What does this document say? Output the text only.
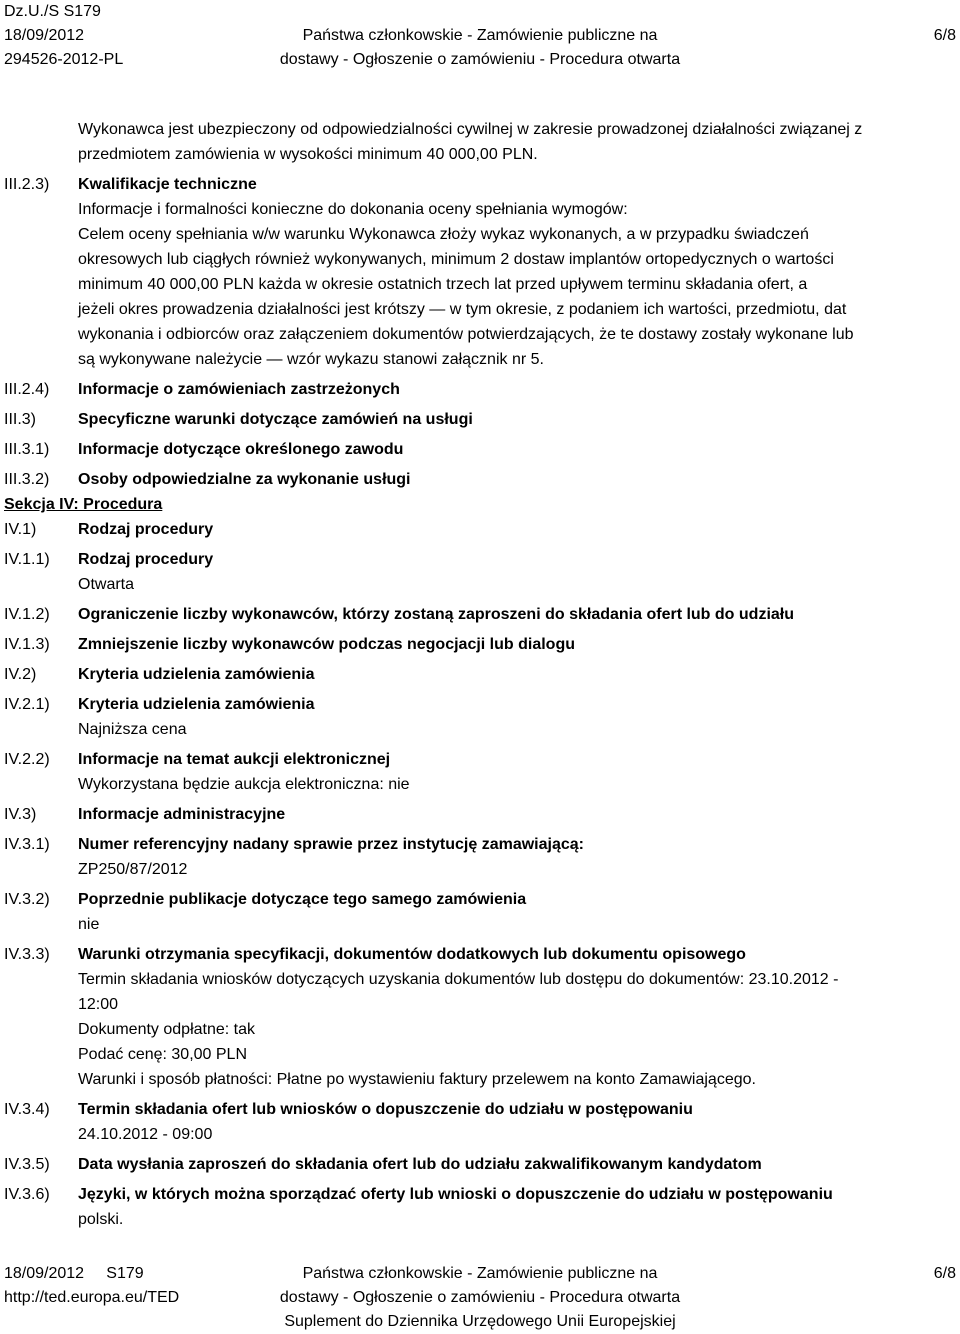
Dz.U./S S179
18/09/2012
294526-2012-PL
Państwa członkowskie - Zamówienie publiczne na
dostawy - Ogłoszenie o zamówieniu - Procedura otwarta
6/8
Wykonawca jest ubezpieczony od odpowiedzialności cywilnej w zakresie prowadzonej działalności związanej z
przedmiotem zamówienia w wysokości minimum 40 000,00 PLN.
III.2.3)	Kwalifikacje techniczne
Informacje i formalności konieczne do dokonania oceny spełniania wymogów:
Celem oceny spełniania w/w warunku Wykonawca złoży wykaz wykonanych, a w przypadku świadczeń
okresowych lub ciągłych również wykonywanych, minimum 2 dostaw implantów ortopedycznych o wartości
minimum 40 000,00 PLN każda w okresie ostatnich trzech lat przed upływem terminu składania ofert, a
jeżeli okres prowadzenia działalności jest krótszy — w tym okresie, z podaniem ich wartości, przedmiotu, dat
wykonania i odbiorców oraz załączeniem dokumentów potwierdzających, że te dostawy zostały wykonane lub
są wykonywane należycie — wzór wykazu stanowi załącznik nr 5.
III.2.4)	Informacje o zamówieniach zastrzeżonych
III.3)	Specyficzne warunki dotyczące zamówień na usługi
III.3.1)	Informacje dotyczące określonego zawodu
III.3.2)	Osoby odpowiedzialne za wykonanie usługi
Sekcja IV: Procedura
IV.1)	Rodzaj procedury
IV.1.1)	Rodzaj procedury
Otwarta
IV.1.2)	Ograniczenie liczby wykonawców, którzy zostaną zaproszeni do składania ofert lub do udziału
IV.1.3)	Zmniejszenie liczby wykonawców podczas negocjacji lub dialogu
IV.2)	Kryteria udzielenia zamówienia
IV.2.1)	Kryteria udzielenia zamówienia
Najniższa cena
IV.2.2)	Informacje na temat aukcji elektronicznej
Wykorzystana będzie aukcja elektroniczna: nie
IV.3)	Informacje administracyjne
IV.3.1)	Numer referencyjny nadany sprawie przez instytucję zamawiającą:
ZP250/87/2012
IV.3.2)	Poprzednie publikacje dotyczące tego samego zamówienia
nie
IV.3.3)	Warunki otrzymania specyfikacji, dokumentów dodatkowych lub dokumentu opisowego
Termin składania wniosków dotyczących uzyskania dokumentów lub dostępu do dokumentów: 23.10.2012 -
12:00
Dokumenty odpłatne: tak
Podać cenę: 30,00 PLN
Warunki i sposób płatności: Płatne po wystawieniu faktury przelewem na konto Zamawiającego.
IV.3.4)	Termin składania ofert lub wniosków o dopuszczenie do udziału w postępowaniu
24.10.2012 - 09:00
IV.3.5)	Data wysłania zaproszeń do składania ofert lub do udziału zakwalifikowanym kandydatom
IV.3.6)	Języki, w których można sporządzać oferty lub wnioski o dopuszczenie do udziału w postępowaniu
polski.
18/09/2012     S179
http://ted.europa.eu/TED
Państwa członkowskie - Zamówienie publiczne na
dostawy - Ogłoszenie o zamówieniu - Procedura otwarta
Suplement do Dziennika Urzędowego Unii Europejskiej
6/8
